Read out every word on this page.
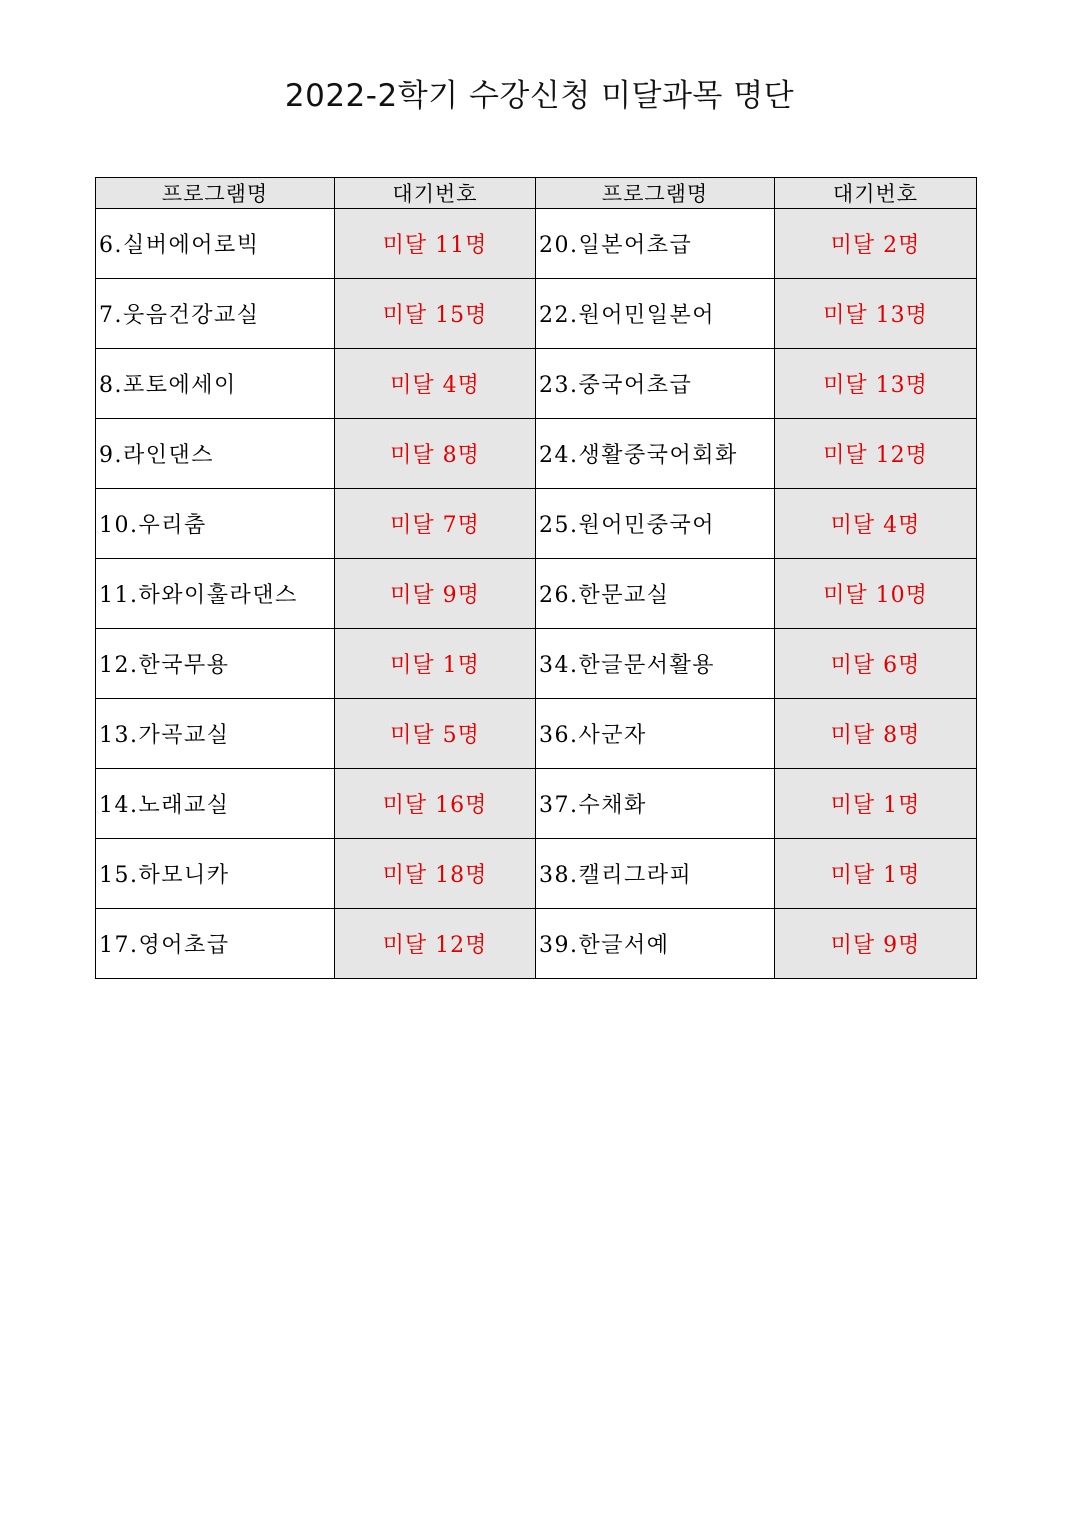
2022-2학기 수강신청 미달과목 명단
프로그램명	대기번호	프로그램명	대기번호
6.실버에어로빅	미달 11명	20.일본어초급	미달 2명
7.웃음건강교실	미달 15명	22.원어민일본어	미달 13명
8.포토에세이	미달 4명	23.중국어초급	미달 13명
9.라인댄스	미달 8명	24.생활중국어회화	미달 12명
10.우리춤	미달 7명	25.원어민중국어	미달 4명
11.하와이훌라댄스	미달 9명	26.한문교실	미달 10명
12.한국무용	미달 1명	34.한글문서활용	미달 6명
13.가곡교실	미달 5명	36.사군자	미달 8명
14.노래교실	미달 16명	37.수채화	미달 1명
15.하모니카	미달 18명	38.캘리그라피	미달 1명
17.영어초급	미달 12명	39.한글서예	미달 9명
